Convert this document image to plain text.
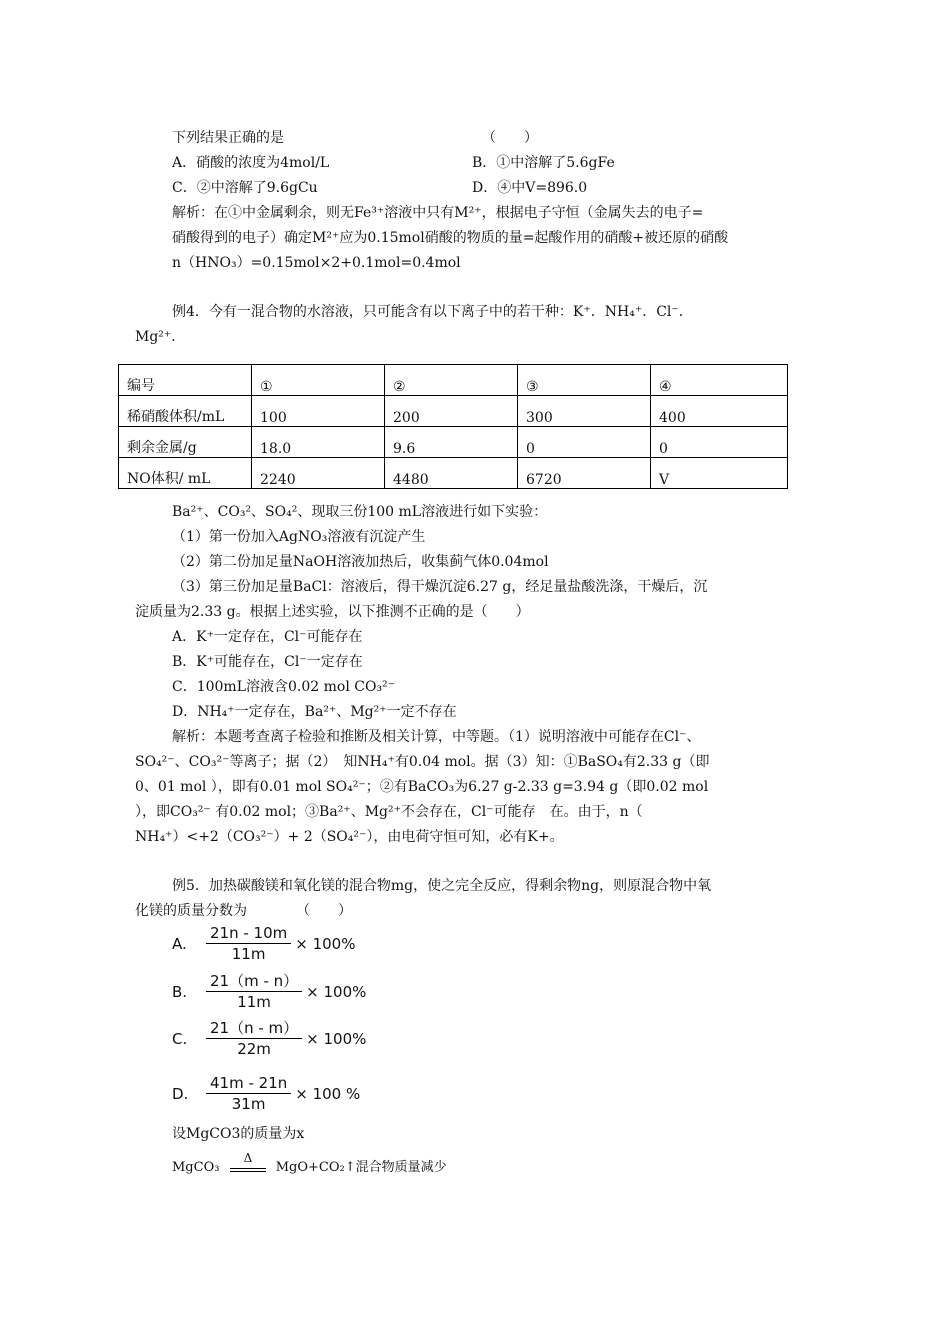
下列结果正确的是	（　　）
A．硝酸的浓度为4mol/L	B．①中溶解了5.6gFe
C．②中溶解了9.6gCu	D．④中V=896.0
解析：在①中金属剩余，则无Fe³⁺溶液中只有M²⁺，根据电子守恒（金属失去的电子=
硝酸得到的电子）确定M²⁺应为0.15mol硝酸的物质的量=起酸作用的硝酸+被还原的硝酸
n（HNO₃）=0.15mol×2+0.1mol=0.4mol
例4．今有一混合物的水溶液，只可能含有以下离子中的若干种：K⁺．NH₄⁺．Cl⁻．
Mg²⁺．
编号	①	②	③	④
稀硝酸体积/mL	100	200	300	400
剩余金属/g	18.0	9.6	0	0
NO体积/ mL	2240	4480	6720	V
Ba²⁺、CO₃²、SO₄²、现取三份100 mL溶液进行如下实验：
（1）第一份加入AgNO₃溶液有沉淀产生
（2）第二份加足量NaOH溶液加热后，收集蓟气体0.04mol
（3）第三份加足量BaCl：溶液后，得干燥沉淀6.27 g，经足量盐酸洗涤，干燥后，沉
淀质量为2.33 g。根据上述实验，以下推测不正确的是（　　）
A．K⁺一定存在，Cl⁻可能存在
B．K⁺可能存在，Cl⁻一定存在
C．100mL溶液含0.02 mol CO₃²⁻
D．NH₄⁺一定存在，Ba²⁺、Mg²⁺一定不存在
解析：本题考查离子检验和推断及相关计算，中等题。（1）说明溶液中可能存在Cl⁻、
SO₄²⁻、CO₃²⁻等离子；据（2）　知NH₄⁺有0.04 mol。据（3）知：①BaSO₄有2.33 g（即
0、01 mol ），即有0.01 mol SO₄²⁻；②有BaCO₃为6.27 g-2.33 g=3.94 g（即0.02 mol
），即CO₃²⁻ 有0.02 mol；③Ba²⁺、Mg²⁺不会存在，Cl⁻可能存　在。由于，n（
NH₄⁺）<+2（CO₃²⁻）+ 2（SO₄²⁻），由电荷守恒可知，必有K+。
例5．加热碳酸镁和氧化镁的混合物mg，使之完全反应，得剩余物ng，则原混合物中氧
化镁的质量分数为　　　　（　　）
A.	$\frac{21n - 10m}{11m} \times 100\%$
B.	$\frac{21(m - n)}{11m} \times 100\%$
C.	$\frac{21(n - m)}{22m} \times 100\%$
D.	$\frac{41m - 21n}{31m} \times 100$ %
设MgCO3的质量为x
MgCO₃
Δ
MgO+CO₂↑混合物质量减少
